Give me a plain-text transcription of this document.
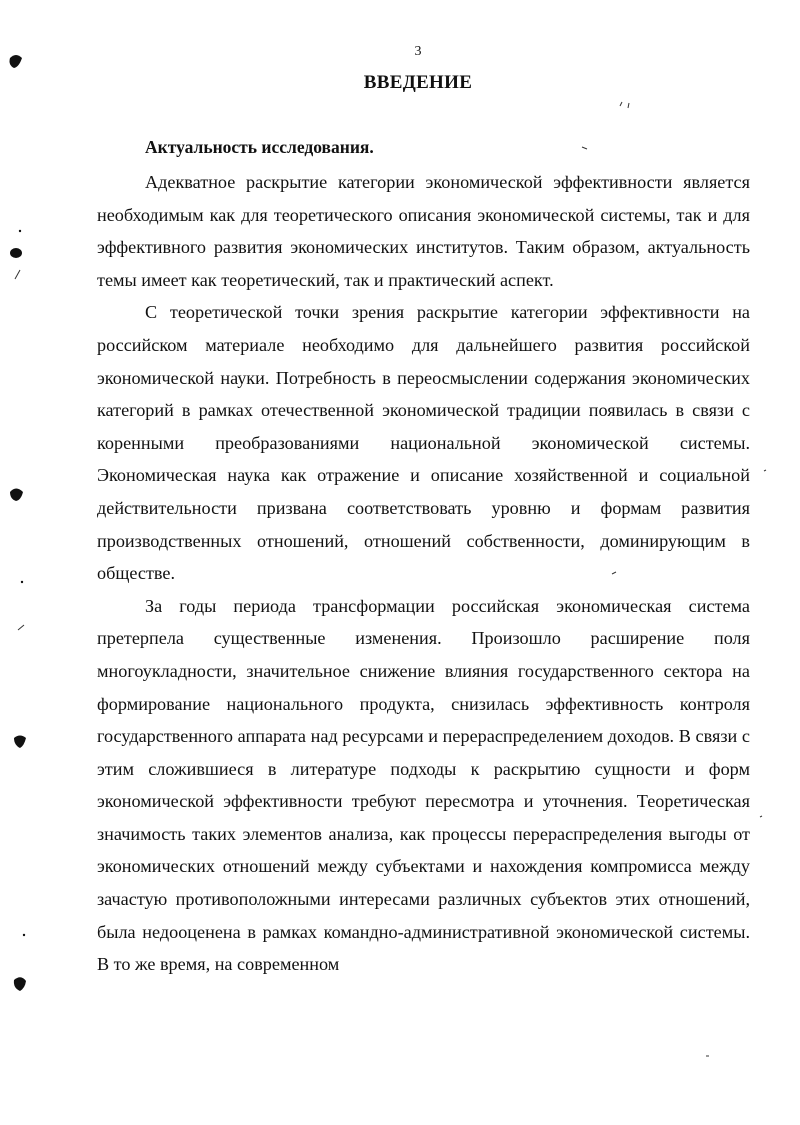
3
ВВЕДЕНИЕ
Актуальность исследования.

Адекватное раскрытие категории экономической эффективности является необходимым как для теоретического описания экономической системы, так и для эффективного развития экономических институтов. Таким образом, актуальность темы имеет как теоретический, так и практический аспект.

С теоретической точки зрения раскрытие категории эффективности на российском материале необходимо для дальнейшего развития российской экономической науки. Потребность в переосмыслении содержания экономических категорий в рамках отечественной экономической традиции появилась в связи с коренными преобразованиями национальной экономической системы. Экономическая наука как отражение и описание хозяйственной и социальной действительности призвана соответствовать уровню и формам развития производственных отношений, отношений собственности, доминирующим в обществе.

За годы периода трансформации российская экономическая система претерпела существенные изменения. Произошло расширение поля многоукладности, значительное снижение влияния государственного сектора на формирование национального продукта, снизилась эффективность контроля государственного аппарата над ресурсами и перераспределением доходов. В связи с этим сложившиеся в литературе подходы к раскрытию сущности и форм экономической эффективности требуют пересмотра и уточнения. Теоретическая значимость таких элементов анализа, как процессы перераспределения выгоды от экономических отношений между субъектами и нахождения компромисса между зачастую противоположными интересами различных субъектов этих отношений, была недооценена в рамках командно-административной экономической системы. В то же время, на современном
